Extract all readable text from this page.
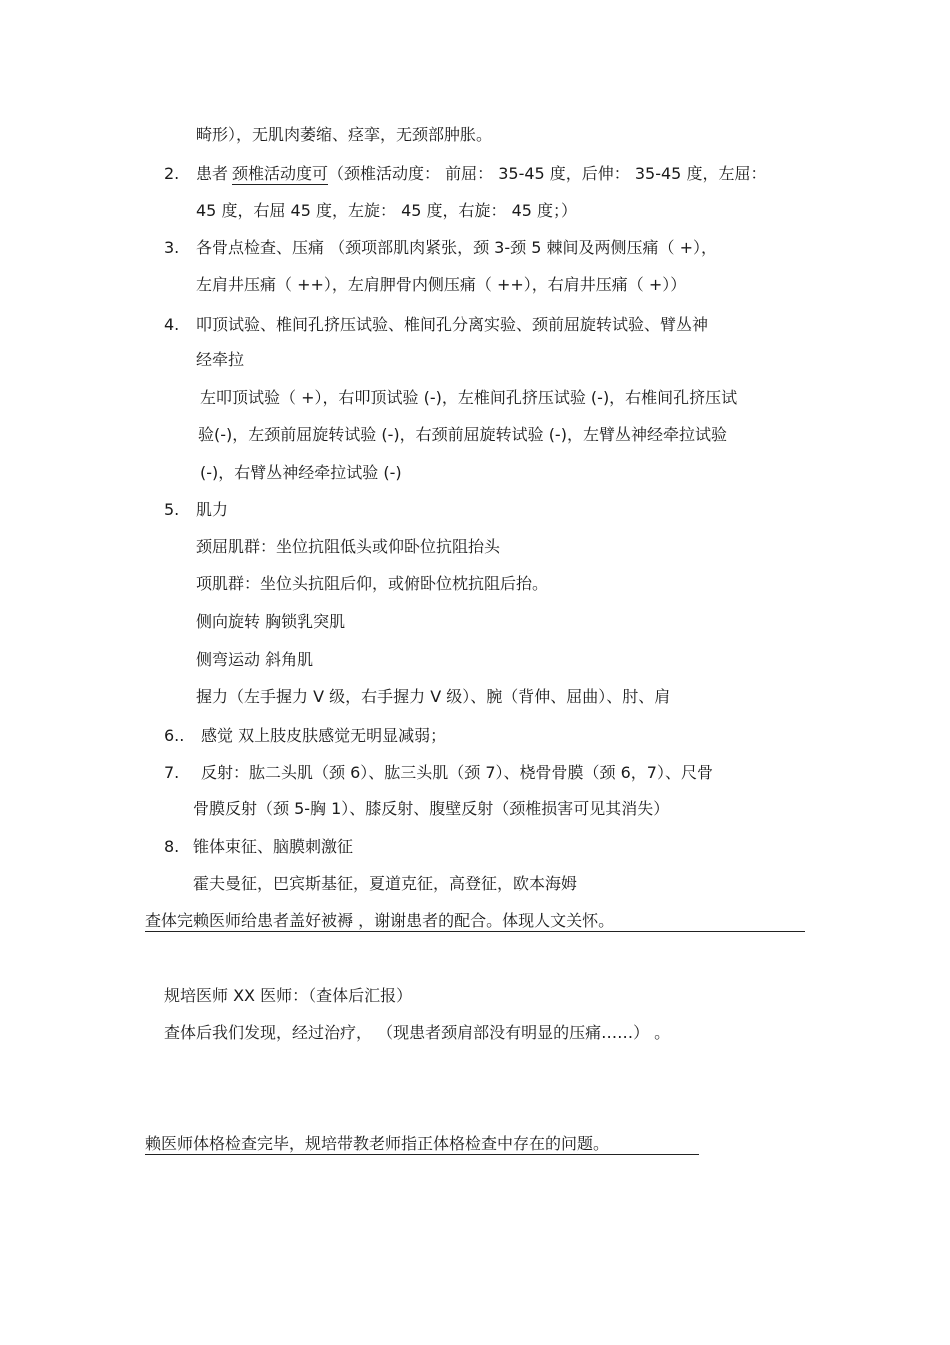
畸形），无肌肉萎缩、痉挛，无颈部肿胀。
2. 患者 颈椎活动度可（颈椎活动度： 前屈： 35-45 度，后伸： 35-45 度，左屈：
45 度，右屈 45 度，左旋： 45 度，右旋： 45 度；）
3. 各骨点检查、压痛 （颈项部肌肉紧张，颈 3-颈 5 棘间及两侧压痛（ +），
左肩井压痛（ ++），左肩胛骨内侧压痛（ ++），右肩井压痛（ +））
4. 叩顶试验、椎间孔挤压试验、椎间孔分离实验、颈前屈旋转试验、臂丛神
经牵拉
左叩顶试验（ +），右叩顶试验 (-)，左椎间孔挤压试验 (-)，右椎间孔挤压试
验(-)，左颈前屈旋转试验 (-)，右颈前屈旋转试验 (-)，左臂丛神经牵拉试验
(-)，右臂丛神经牵拉试验 (-)
5. 肌力
颈屈肌群：坐位抗阻低头或仰卧位抗阻抬头
项肌群：坐位头抗阻后仰，或俯卧位枕抗阻后抬。
侧向旋转 胸锁乳突肌
侧弯运动 斜角肌
握力（左手握力 V 级，右手握力 V 级）、腕（背伸、屈曲）、肘、肩
6.. 感觉 双上肢皮肤感觉无明显减弱；
7. 反射：肱二头肌（颈 6）、肱三头肌（颈 7）、桡骨骨膜（颈 6，7）、尺骨
骨膜反射（颈 5-胸 1）、膝反射、腹壁反射（颈椎损害可见其消失）
8. 锥体束征、脑膜刺激征
霍夫曼征，巴宾斯基征，夏道克征，高登征，欧本海姆
查体完赖医师给患者盖好被褥 ，谢谢患者的配合。体现人文关怀。
规培医师 XX 医师：（查体后汇报）
查体后我们发现，经过治疗， （现患者颈肩部没有明显的压痛……） 。
赖医师体格检查完毕，规培带教老师指正体格检查中存在的问题。
